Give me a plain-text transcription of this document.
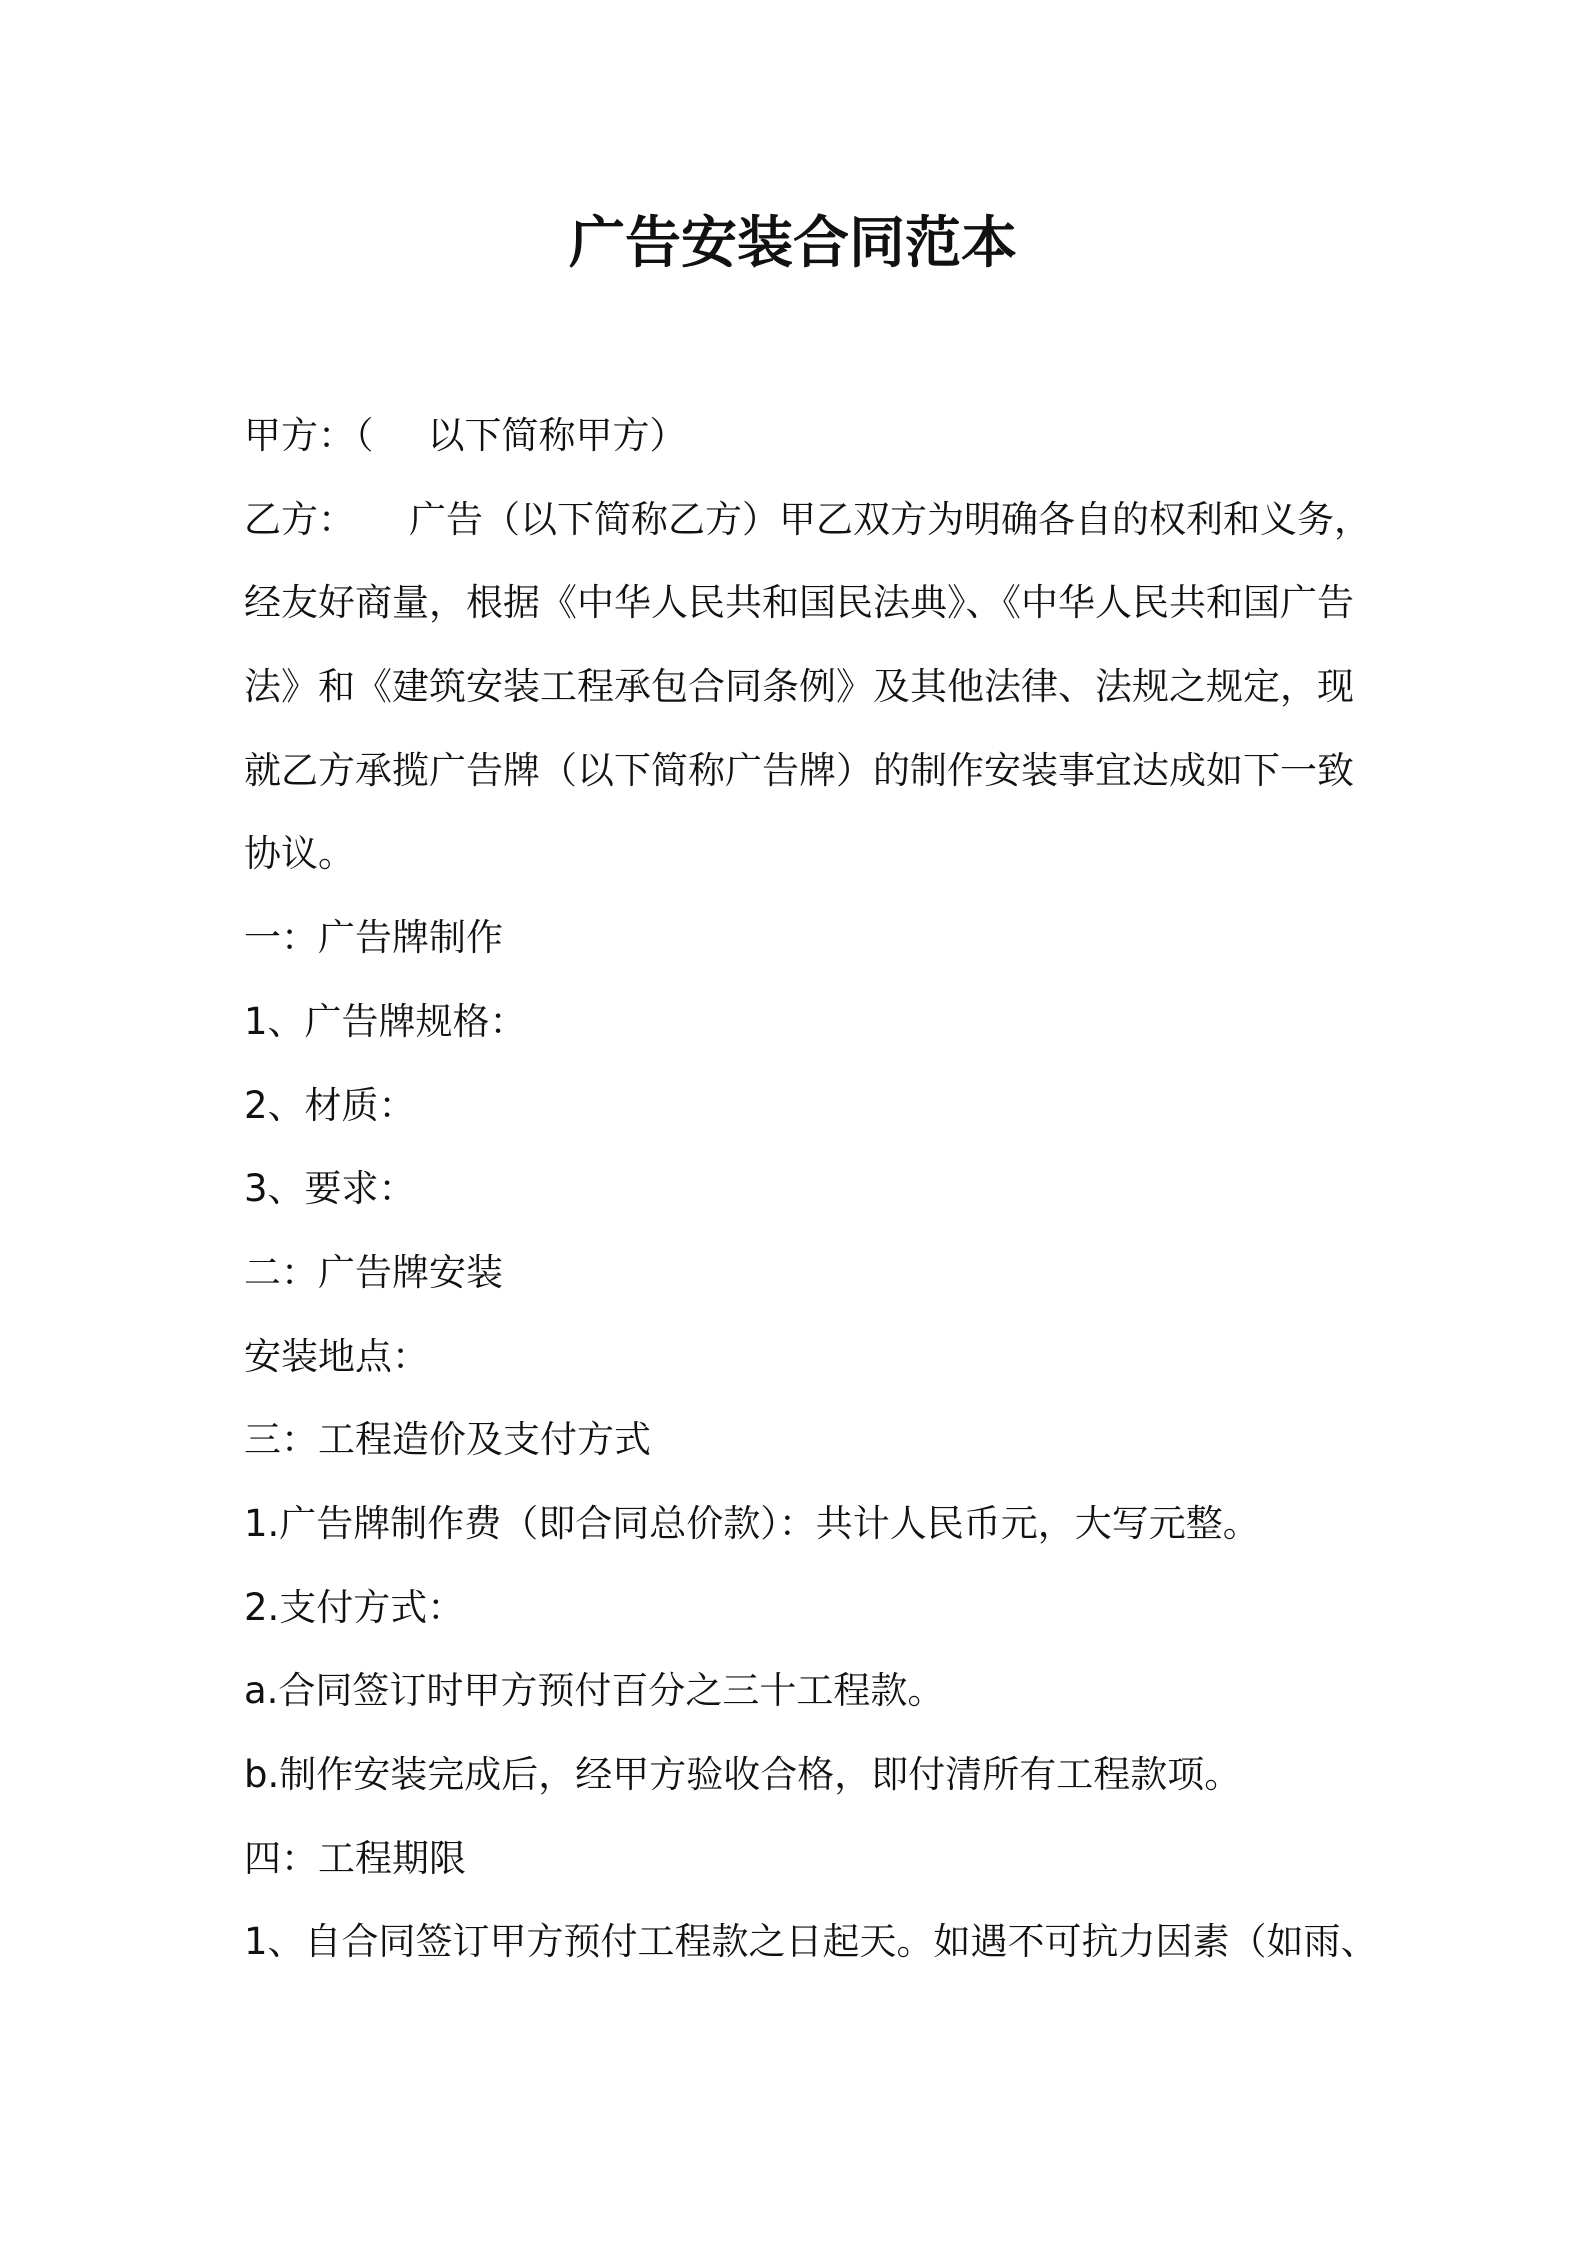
广告安装合同范本
甲方：（ 以下简称甲方）
乙方： 广告（以下简称乙方）甲乙双方为明确各自的权利和义务，
经友好商量，根据《中华人民共和国民法典》、《中华人民共和国广告
法》和《建筑安装工程承包合同条例》及其他法律、法规之规定，现
就乙方承揽广告牌（以下简称广告牌）的制作安装事宜达成如下一致
协议。
一：广告牌制作
1、广告牌规格：
2、材质：
3、要求：
二：广告牌安装
安装地点：
三：工程造价及支付方式
1.广告牌制作费（即合同总价款）：共计人民币元，大写元整。
2.支付方式：
a.合同签订时甲方预付百分之三十工程款。
b.制作安装完成后，经甲方验收合格，即付清所有工程款项。
四：工程期限
1、自合同签订甲方预付工程款之日起天。如遇不可抗力因素（如雨、
